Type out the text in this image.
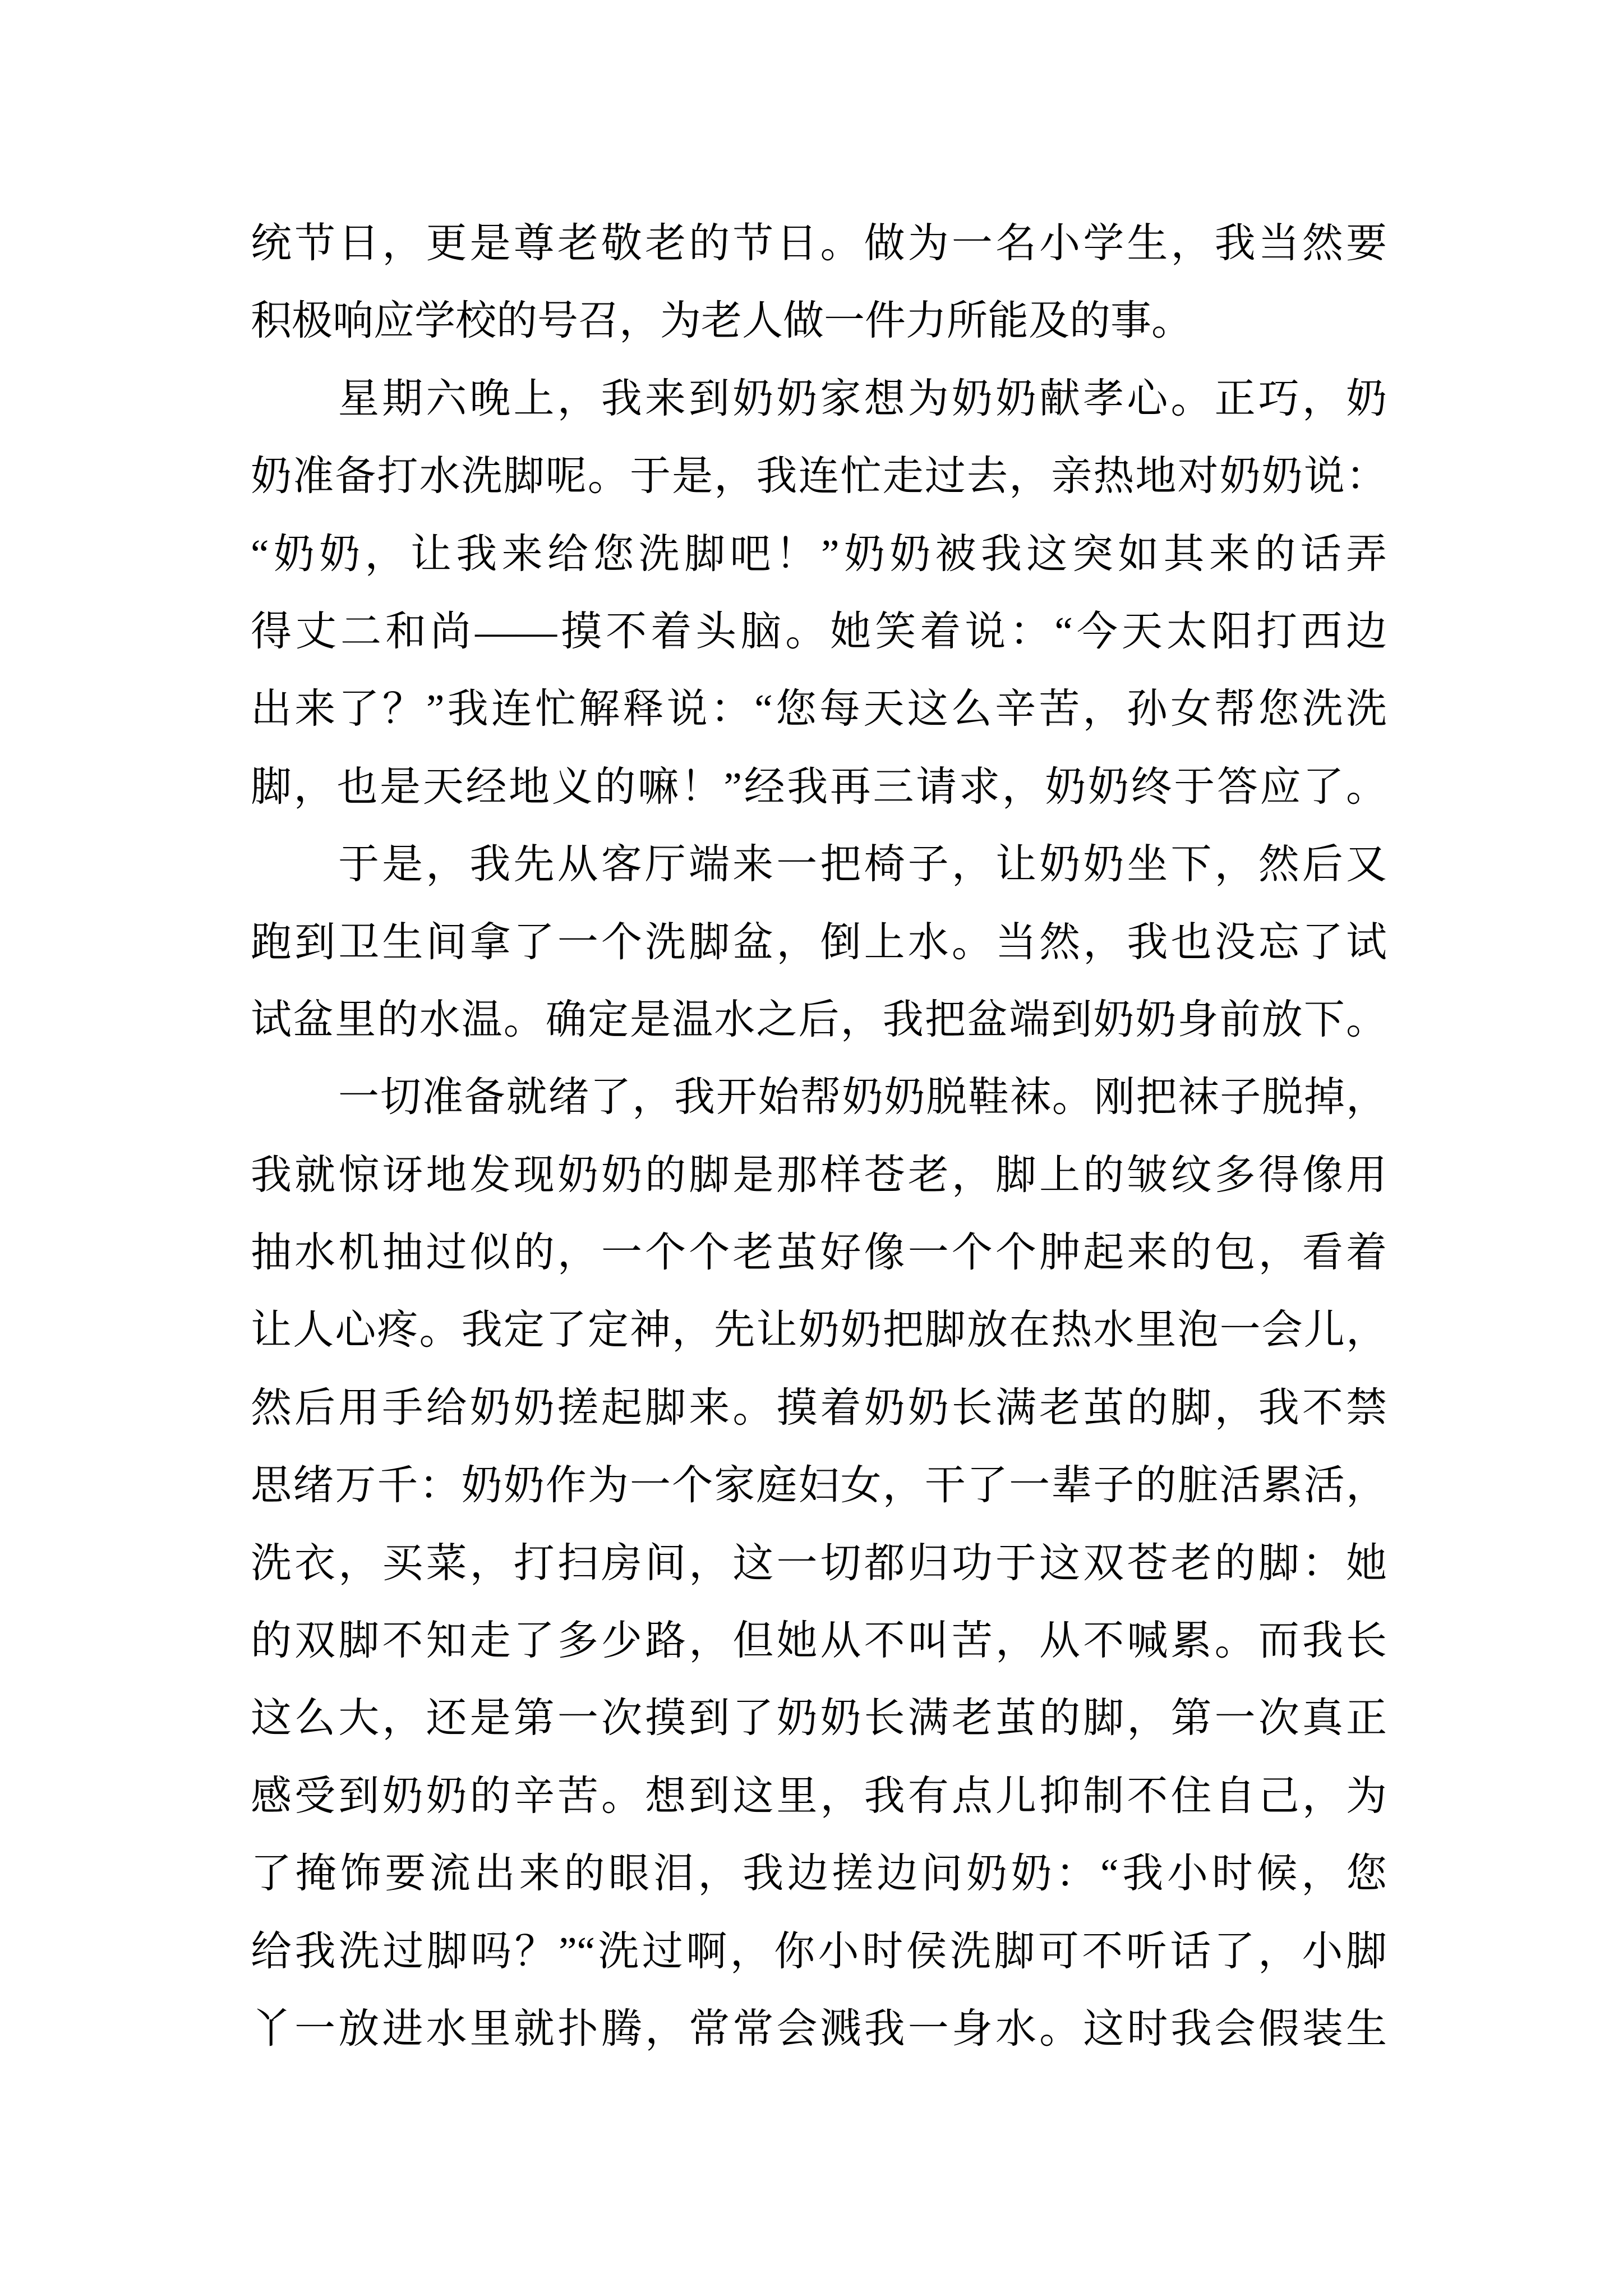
统节日，更是尊老敬老的节日。做为一名小学生，我当然要
积极响应学校的号召，为老人做一件力所能及的事。
星期六晚上，我来到奶奶家想为奶奶献孝心。正巧，奶
奶准备打水洗脚呢。于是，我连忙走过去，亲热地对奶奶说：
“奶奶，让我来给您洗脚吧！”奶奶被我这突如其来的话弄
得丈二和尚——摸不着头脑。她笑着说：“今天太阳打西边
出来了？”我连忙解释说：“您每天这么辛苦，孙女帮您洗洗
脚，也是天经地义的嘛！”经我再三请求，奶奶终于答应了。
于是，我先从客厅端来一把椅子，让奶奶坐下，然后又
跑到卫生间拿了一个洗脚盆，倒上水。当然，我也没忘了试
试盆里的水温。确定是温水之后，我把盆端到奶奶身前放下。
一切准备就绪了，我开始帮奶奶脱鞋袜。刚把袜子脱掉，
我就惊讶地发现奶奶的脚是那样苍老，脚上的皱纹多得像用
抽水机抽过似的，一个个老茧好像一个个肿起来的包，看着
让人心疼。我定了定神，先让奶奶把脚放在热水里泡一会儿，
然后用手给奶奶搓起脚来。摸着奶奶长满老茧的脚，我不禁
思绪万千：奶奶作为一个家庭妇女，干了一辈子的脏活累活，
洗衣，买菜，打扫房间，这一切都归功于这双苍老的脚：她
的双脚不知走了多少路，但她从不叫苦，从不喊累。而我长
这么大，还是第一次摸到了奶奶长满老茧的脚，第一次真正
感受到奶奶的辛苦。想到这里，我有点儿抑制不住自己，为
了掩饰要流出来的眼泪，我边搓边问奶奶：“我小时候，您
给我洗过脚吗？”“洗过啊，你小时侯洗脚可不听话了，小脚
丫一放进水里就扑腾，常常会溅我一身水。这时我会假装生
